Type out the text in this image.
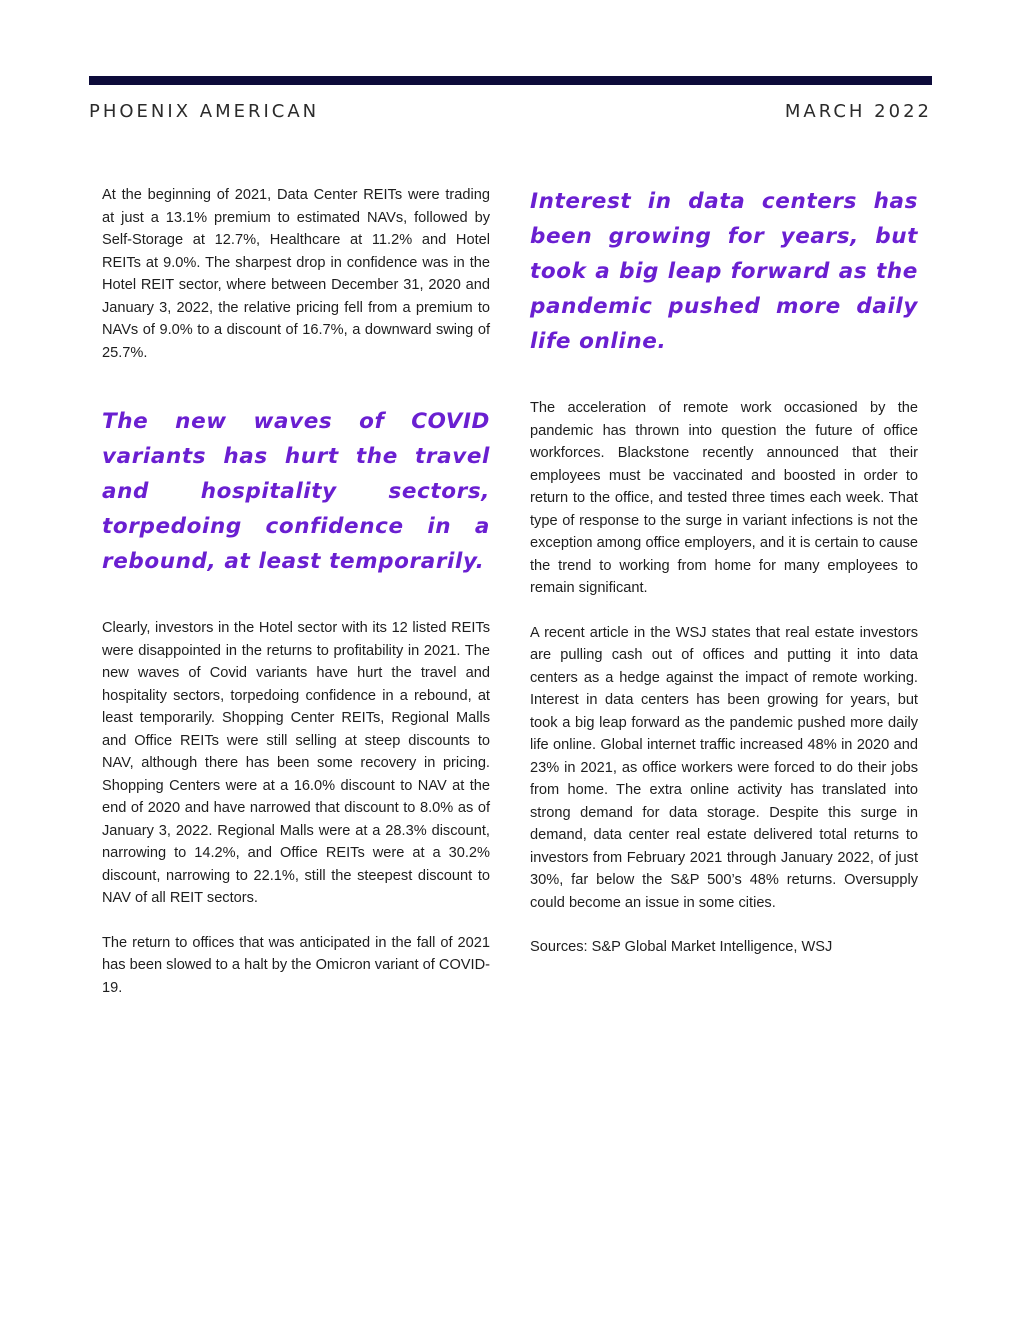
PHOENIX AMERICAN	MARCH 2022

At the beginning of 2021, Data Center REITs were trading at just a 13.1% premium to estimated NAVs, followed by Self-Storage at 12.7%, Healthcare at 11.2% and Hotel REITs at 9.0%. The sharpest drop in confidence was in the Hotel REIT sector, where between December 31, 2020 and January 3, 2022, the relative pricing fell from a premium to NAVs of 9.0% to a discount of 16.7%, a downward swing of 25.7%.

The new waves of COVID variants has hurt the travel and hospitality sectors, torpedoing confidence in a rebound, at least temporarily.

Clearly, investors in the Hotel sector with its 12 listed REITs were disappointed in the returns to profitability in 2021. The new waves of Covid variants have hurt the travel and hospitality sectors, torpedoing confidence in a rebound, at least temporarily. Shopping Center REITs, Regional Malls and Office REITs were still selling at steep discounts to NAV, although there has been some recovery in pricing. Shopping Centers were at a 16.0% discount to NAV at the end of 2020 and have narrowed that discount to 8.0% as of January 3, 2022. Regional Malls were at a 28.3% discount, narrowing to 14.2%, and Office REITs were at a 30.2% discount, narrowing to 22.1%, still the steepest discount to NAV of all REIT sectors.

The return to offices that was anticipated in the fall of 2021 has been slowed to a halt by the Omicron variant of COVID-19.

Interest in data centers has been growing for years, but took a big leap forward as the pandemic pushed more daily life online.

The acceleration of remote work occasioned by the pandemic has thrown into question the future of office workforces. Blackstone recently announced that their employees must be vaccinated and boosted in order to return to the office, and tested three times each week. That type of response to the surge in variant infections is not the exception among office employers, and it is certain to cause the trend to working from home for many employees to remain significant.

A recent article in the WSJ states that real estate investors are pulling cash out of offices and putting it into data centers as a hedge against the impact of remote working. Interest in data centers has been growing for years, but took a big leap forward as the pandemic pushed more daily life online. Global internet traffic increased 48% in 2020 and 23% in 2021, as office workers were forced to do their jobs from home. The extra online activity has translated into strong demand for data storage. Despite this surge in demand, data center real estate delivered total returns to investors from February 2021 through January 2022, of just 30%, far below the S&P 500’s 48% returns. Oversupply could become an issue in some cities.

Sources: S&P Global Market Intelligence, WSJ
